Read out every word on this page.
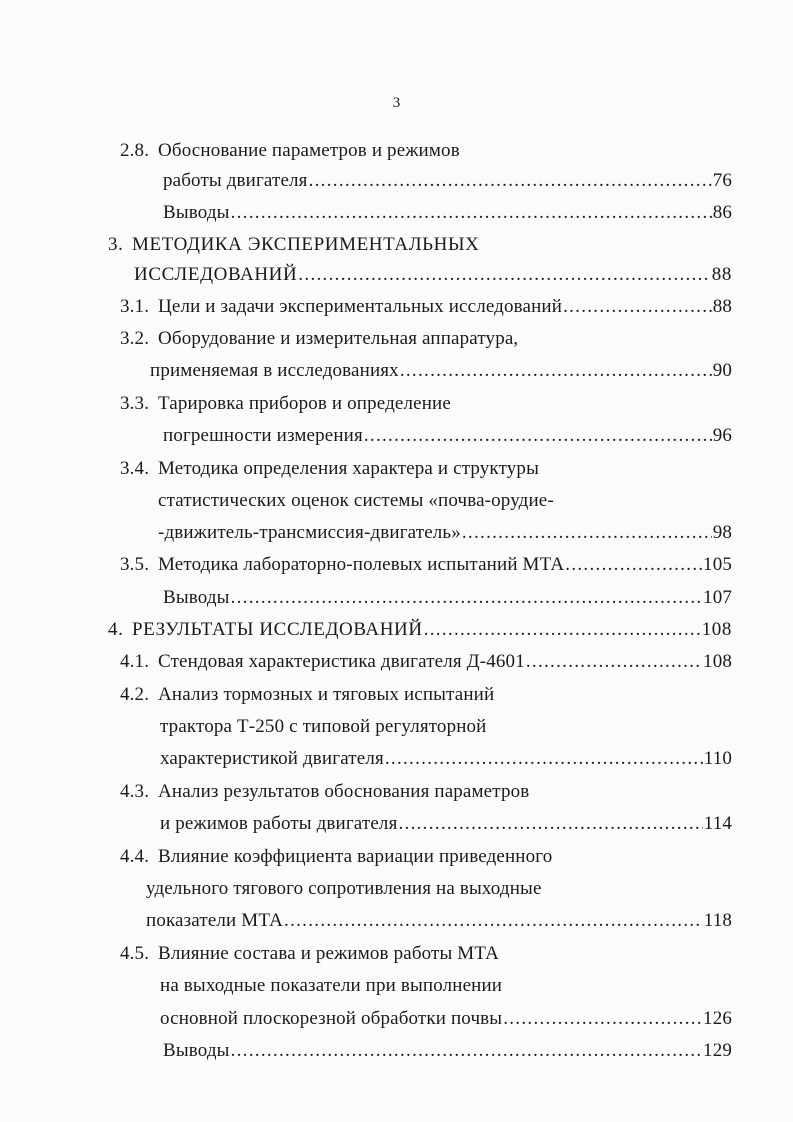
3
2.8. Обоснование параметров и режимов
работы двигателя .....	76
Выводы .....	86
3. МЕТОДИКА ЭКСПЕРИМЕНТАЛЬНЫХ
ИССЛЕДОВАНИЙ .....	88
3.1. Цели и задачи экспериментальных исследований .....	88
3.2. Оборудование и измерительная аппаратура,
применяемая в исследованиях .....	90
3.3. Тарировка приборов и определение
погрешности измерения .....	96
3.4. Методика определения характера и структуры
статистических оценок системы «почва-орудие-
-движитель-трансмиссия-двигатель» .....	98
3.5. Методика лабораторно-полевых испытаний МТА .....	105
Выводы .....	107
4. РЕЗУЛЬТАТЫ ИССЛЕДОВАНИЙ .....	108
4.1. Стендовая характеристика двигателя Д-4601 .....	108
4.2. Анализ тормозных и тяговых испытаний
трактора Т-250 с типовой регуляторной
характеристикой двигателя .....	110
4.3. Анализ результатов обоснования параметров
и режимов работы двигателя .....	114
4.4. Влияние коэффициента вариации приведенного
удельного тягового сопротивления на выходные
показатели МТА .....	118
4.5. Влияние состава и режимов работы МТА
на выходные показатели при выполнении
основной плоскорезной обработки почвы .....	126
Выводы .....	129
